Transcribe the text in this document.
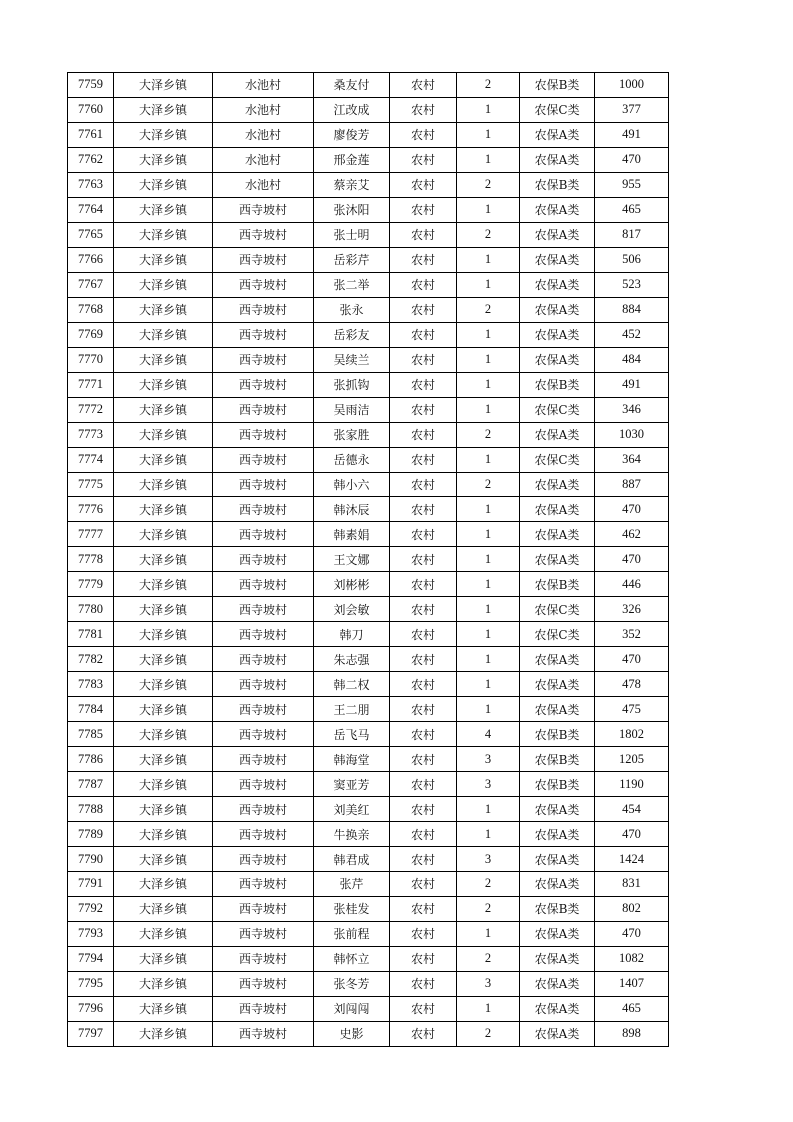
7759	大泽乡镇	水池村	桑友付	农村	2	农保B类	1000
7760	大泽乡镇	水池村	江改成	农村	1	农保C类	377
7761	大泽乡镇	水池村	廖俊芳	农村	1	农保A类	491
7762	大泽乡镇	水池村	邢金莲	农村	1	农保A类	470
7763	大泽乡镇	水池村	蔡亲艾	农村	2	农保B类	955
7764	大泽乡镇	西寺坡村	张沐阳	农村	1	农保A类	465
7765	大泽乡镇	西寺坡村	张士明	农村	2	农保A类	817
7766	大泽乡镇	西寺坡村	岳彩芹	农村	1	农保A类	506
7767	大泽乡镇	西寺坡村	张二举	农村	1	农保A类	523
7768	大泽乡镇	西寺坡村	张永	农村	2	农保A类	884
7769	大泽乡镇	西寺坡村	岳彩友	农村	1	农保A类	452
7770	大泽乡镇	西寺坡村	吴续兰	农村	1	农保A类	484
7771	大泽乡镇	西寺坡村	张抓钩	农村	1	农保B类	491
7772	大泽乡镇	西寺坡村	吴雨洁	农村	1	农保C类	346
7773	大泽乡镇	西寺坡村	张家胜	农村	2	农保A类	1030
7774	大泽乡镇	西寺坡村	岳德永	农村	1	农保C类	364
7775	大泽乡镇	西寺坡村	韩小六	农村	2	农保A类	887
7776	大泽乡镇	西寺坡村	韩沐辰	农村	1	农保A类	470
7777	大泽乡镇	西寺坡村	韩素娟	农村	1	农保A类	462
7778	大泽乡镇	西寺坡村	王文娜	农村	1	农保A类	470
7779	大泽乡镇	西寺坡村	刘彬彬	农村	1	农保B类	446
7780	大泽乡镇	西寺坡村	刘会敏	农村	1	农保C类	326
7781	大泽乡镇	西寺坡村	韩刀	农村	1	农保C类	352
7782	大泽乡镇	西寺坡村	朱志强	农村	1	农保A类	470
7783	大泽乡镇	西寺坡村	韩二权	农村	1	农保A类	478
7784	大泽乡镇	西寺坡村	王二朋	农村	1	农保A类	475
7785	大泽乡镇	西寺坡村	岳飞马	农村	4	农保B类	1802
7786	大泽乡镇	西寺坡村	韩海堂	农村	3	农保B类	1205
7787	大泽乡镇	西寺坡村	窦亚芳	农村	3	农保B类	1190
7788	大泽乡镇	西寺坡村	刘美红	农村	1	农保A类	454
7789	大泽乡镇	西寺坡村	牛换亲	农村	1	农保A类	470
7790	大泽乡镇	西寺坡村	韩君成	农村	3	农保A类	1424
7791	大泽乡镇	西寺坡村	张芹	农村	2	农保A类	831
7792	大泽乡镇	西寺坡村	张桂发	农村	2	农保B类	802
7793	大泽乡镇	西寺坡村	张前程	农村	1	农保A类	470
7794	大泽乡镇	西寺坡村	韩怀立	农村	2	农保A类	1082
7795	大泽乡镇	西寺坡村	张冬芳	农村	3	农保A类	1407
7796	大泽乡镇	西寺坡村	刘闯闯	农村	1	农保A类	465
7797	大泽乡镇	西寺坡村	史影	农村	2	农保A类	898
